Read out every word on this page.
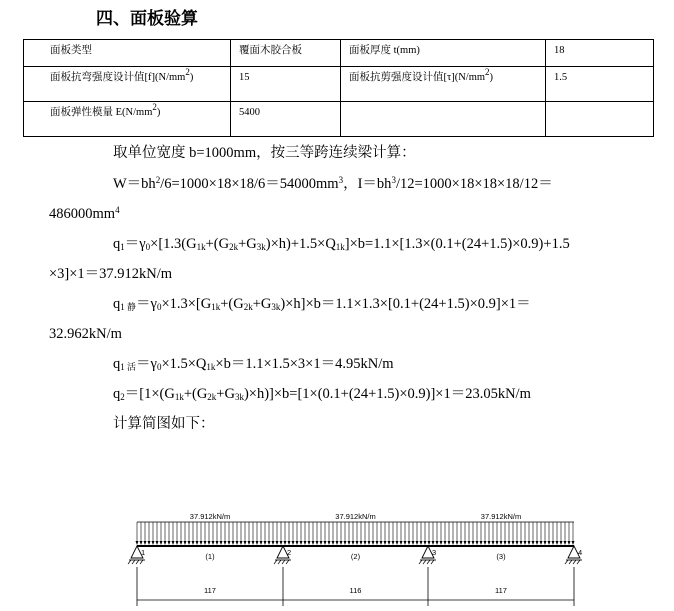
四、面板验算
面板类型	覆面木胶合板	面板厚度 t(mm)	18
面板抗弯强度设计值$[f](N/mm^2)$	15	面板抗剪强度设计值$[\tau](N/mm^2)$	1.5
面板弹性模量 $E(N/mm^2)$	5400		
取单位宽度 b=1000mm，按三等跨连续梁计算：
$W=bh^2/6=1000\times 18\times 18/6=54000mm^3$，$I=bh^3/12=1000\times 18\times 18\times 18/12=$
$486000mm^4$
$q_1=\gamma_0\times[1.3(G_{1k}+(G_{2k}+G_{3k})\times h)+1.5\times Q_{1k}]\times b=1.1\times[1.3\times(0.1+(24+1.5)\times 0.9)+1.5$
×3]×1＝37.912kN/m
$q_{1 静}=\gamma_0\times 1.3\times[G_{1k}+(G_{2k}+G_{3k})\times h]\times b=1.1\times 1.3\times[0.1+(24+1.5)\times 0.9]\times 1=$
32.962kN/m
$q_{1 活}=\gamma_0\times 1.5\times Q_{1k}\times b=1.1\times 1.5\times 3\times 1=4.95kN/m$
$q_2=[1\times(G_{1k}+(G_{2k}+G_{3k})\times h)]\times b=[1\times(0.1+(24+1.5)\times 0.9)]\times 1=23.05kN/m$
计算简图如下：
37.912kN/m
(1)
117
37.912kN/m
(2)
116
37.912kN/m
(3)
117
1	2	3	4
